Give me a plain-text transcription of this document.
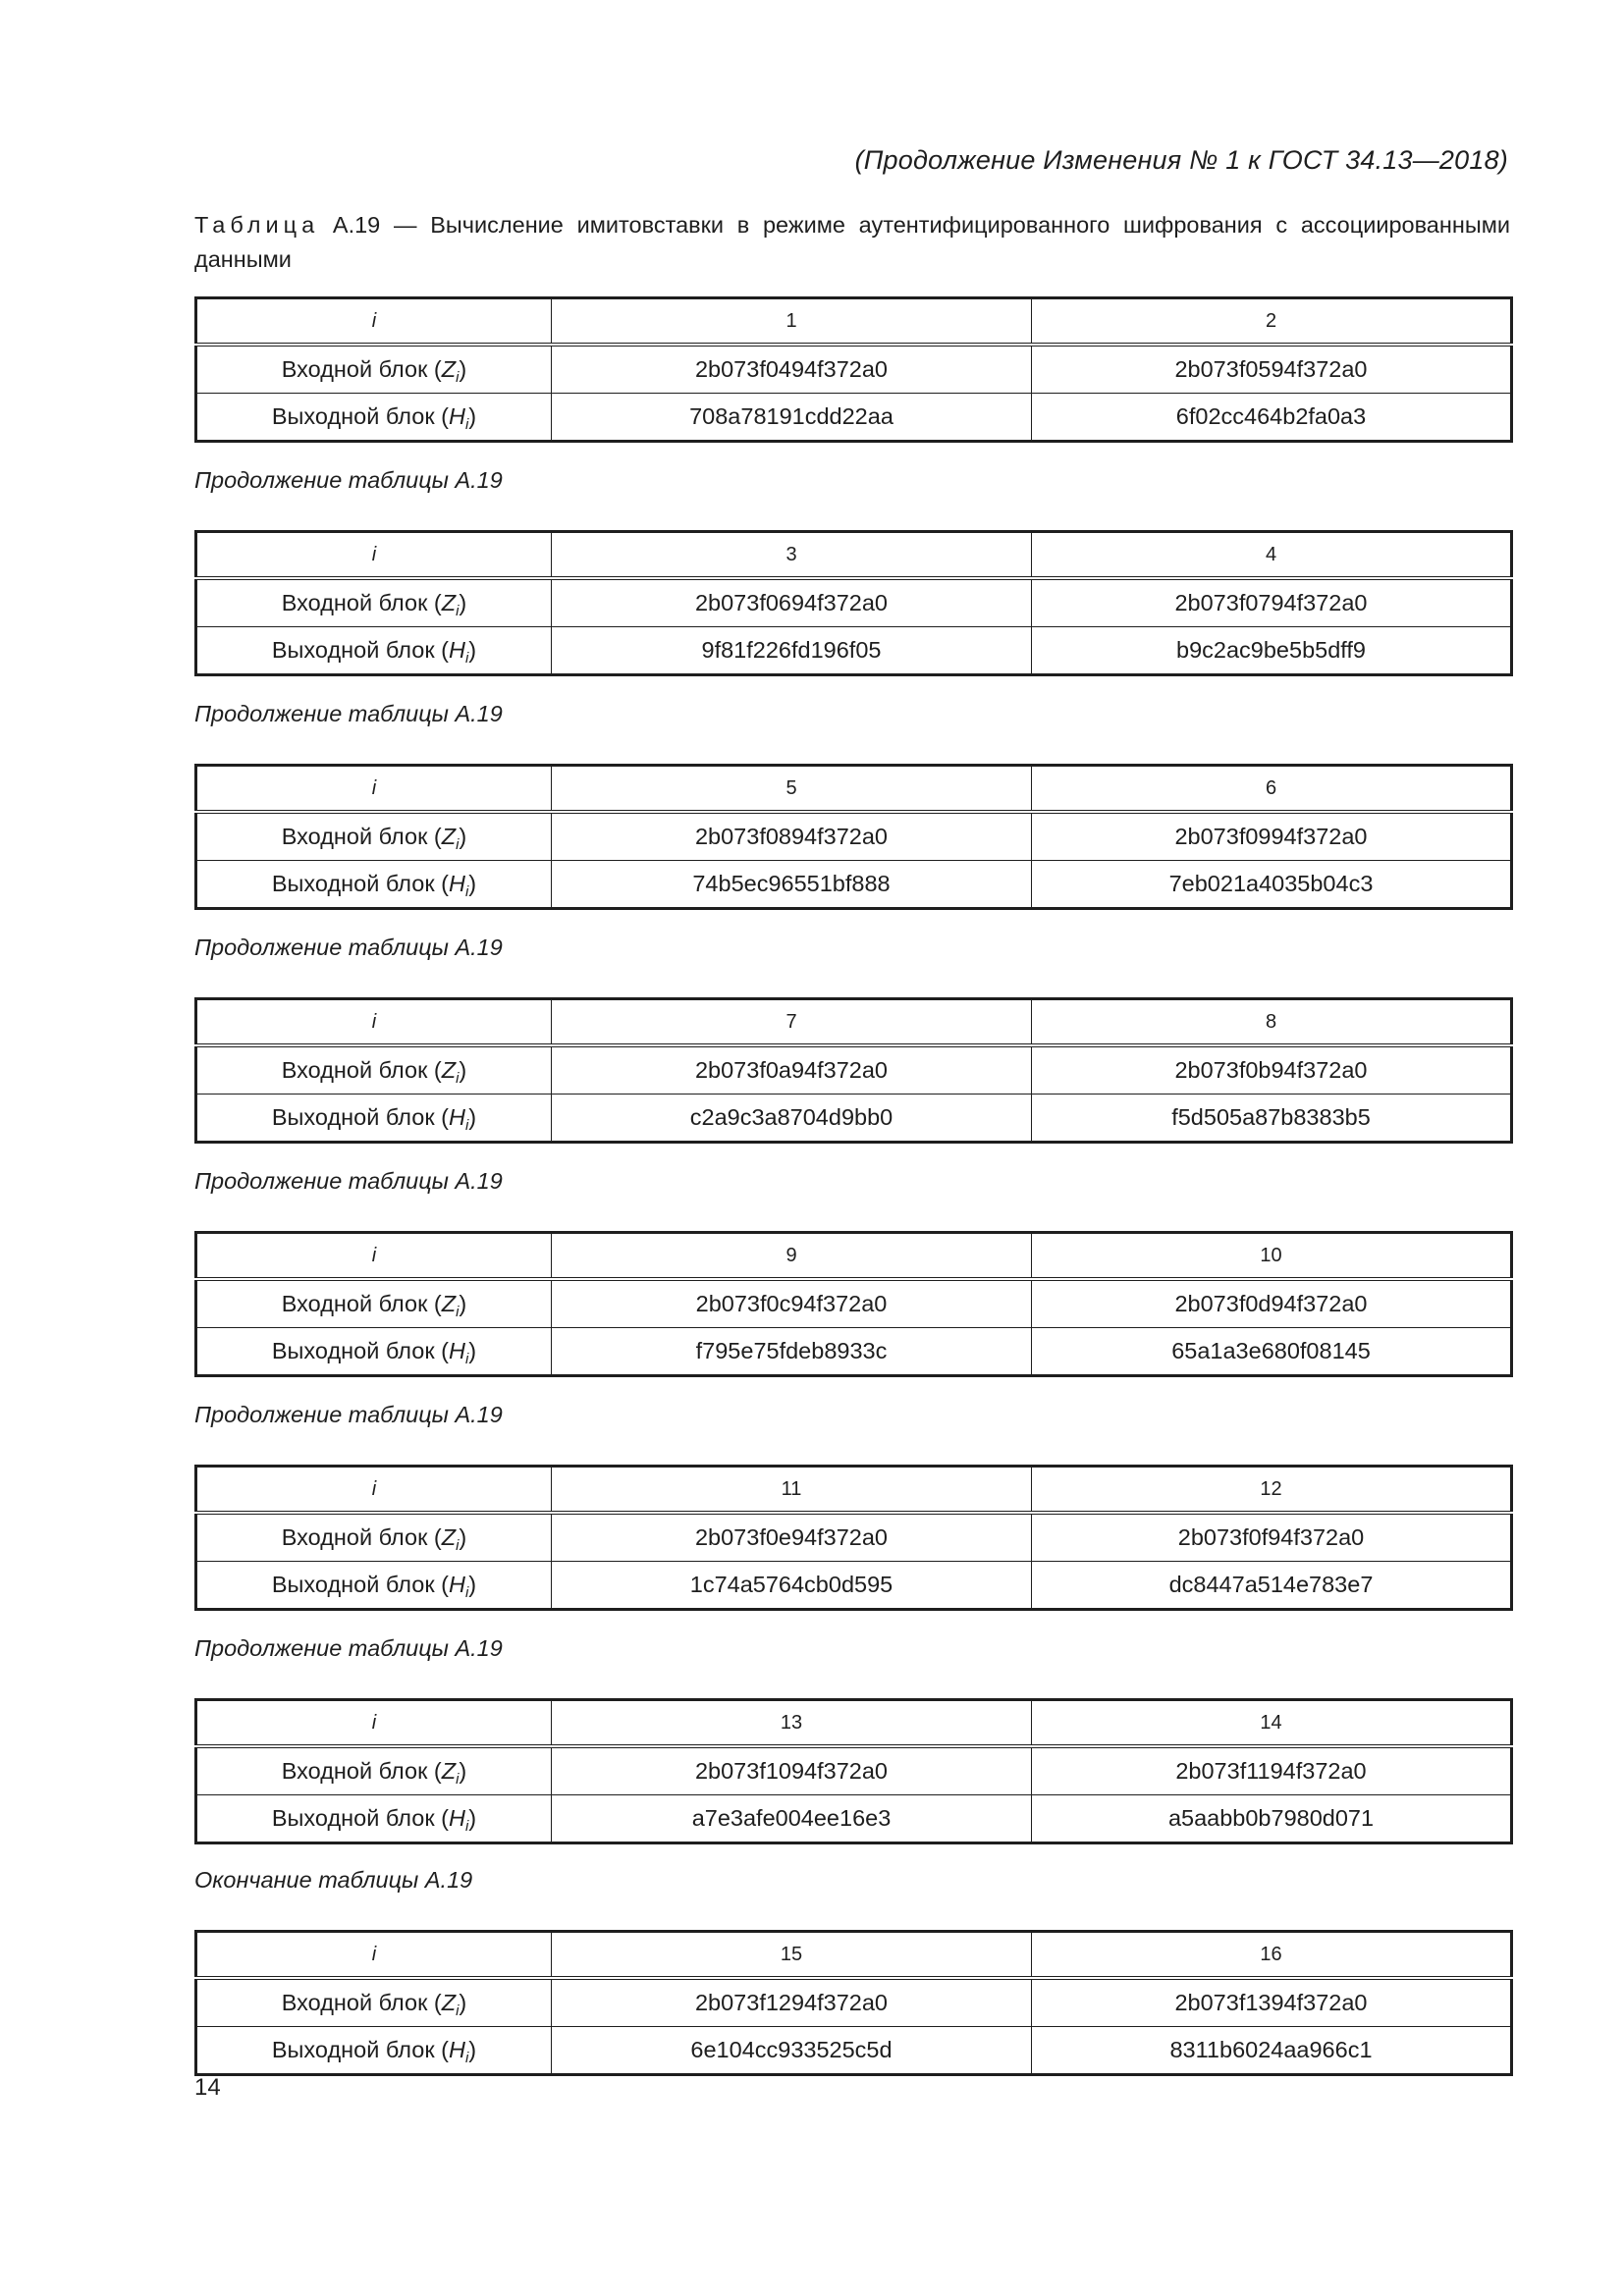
(Продолжение Изменения № 1 к ГОСТ 34.13—2018)
Таблица А.19 — Вычисление имитовставки в режиме аутентифицированного шифрования с ассоциированными данными
i	1	2
Входной блок $(Z_i)$	2b073f0494f372a0	2b073f0594f372a0
Выходной блок $(H_i)$	708a78191cdd22aa	6f02cc464b2fa0a3
Продолжение таблицы А.19
i	3	4
Входной блок $(Z_i)$	2b073f0694f372a0	2b073f0794f372a0
Выходной блок $(H_i)$	9f81f226fd196f05	b9c2ac9be5b5dff9
Продолжение таблицы А.19
i	5	6
Входной блок $(Z_i)$	2b073f0894f372a0	2b073f0994f372a0
Выходной блок $(H_i)$	74b5ec96551bf888	7eb021a4035b04c3
Продолжение таблицы А.19
i	7	8
Входной блок $(Z_i)$	2b073f0a94f372a0	2b073f0b94f372a0
Выходной блок $(H_i)$	c2a9c3a8704d9bb0	f5d505a87b8383b5
Продолжение таблицы А.19
i	9	10
Входной блок $(Z_i)$	2b073f0c94f372a0	2b073f0d94f372a0
Выходной блок $(H_i)$	f795e75fdeb8933c	65a1a3e680f08145
Продолжение таблицы А.19
i	11	12
Входной блок $(Z_i)$	2b073f0e94f372a0	2b073f0f94f372a0
Выходной блок $(H_i)$	1c74a5764cb0d595	dc8447a514e783e7
Продолжение таблицы А.19
i	13	14
Входной блок $(Z_i)$	2b073f1094f372a0	2b073f1194f372a0
Выходной блок $(H_i)$	a7e3afe004ee16e3	a5aabb0b7980d071
Окончание таблицы А.19
i	15	16
Входной блок $(Z_i)$	2b073f1294f372a0	2b073f1394f372a0
Выходной блок $(H_i)$	6e104cc933525c5d	8311b6024aa966c1
14
